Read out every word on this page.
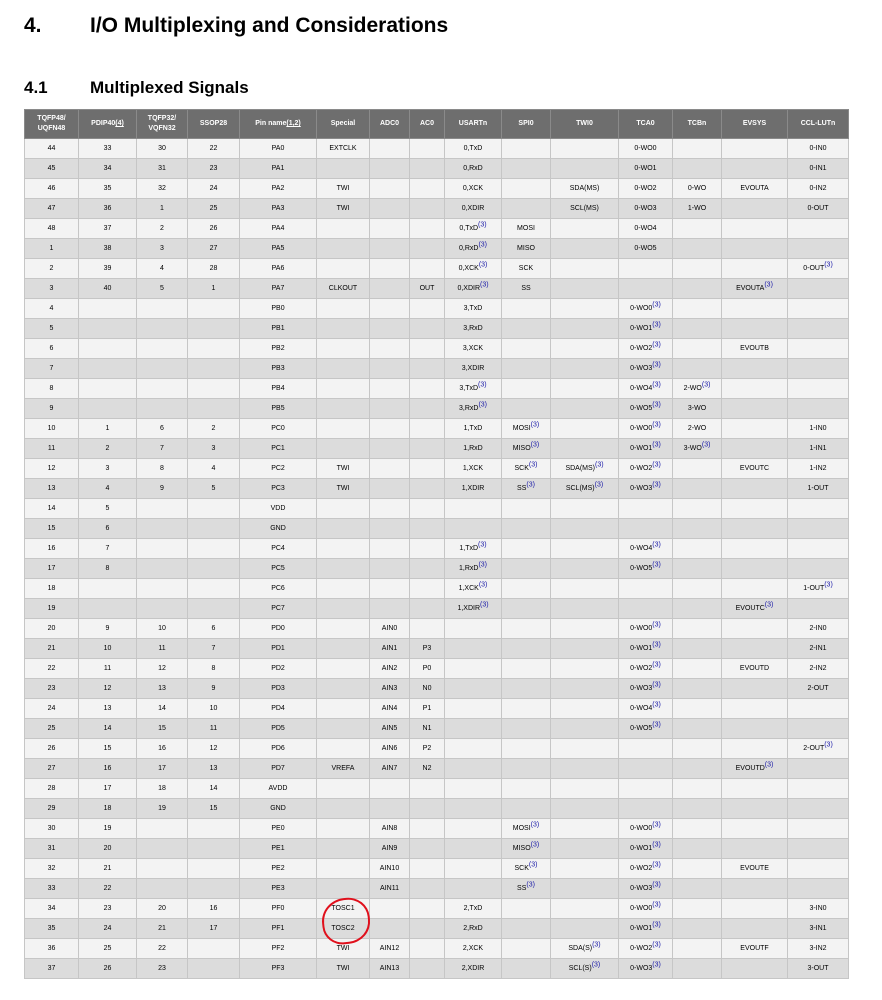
4.	I/O Multiplexing and Considerations
4.1	Multiplexed Signals
TQFP48/
UQFN48	PDIP40(4)	TQFP32/
VQFN32	SSOP28	Pin name(1,2)	Special	ADC0	AC0	USARTn	SPI0	TWI0	TCA0	TCBn	EVSYS	CCL-LUTn
44	33	30	22	PA0	EXTCLK			0,TxD			0-WO0			0-IN0
45	34	31	23	PA1				0,RxD			0-WO1			0-IN1
46	35	32	24	PA2	TWI			0,XCK		SDA(MS)	0-WO2	0-WO	EVOUTA	0-IN2
47	36	1	25	PA3	TWI			0,XDIR		SCL(MS)	0-WO3	1-WO		0-OUT
48	37	2	26	PA4				0,TxD(3)	MOSI		0-WO4			
1	38	3	27	PA5				0,RxD(3)	MISO		0-WO5			
2	39	4	28	PA6				0,XCK(3)	SCK					0-OUT(3)
3	40	5	1	PA7	CLKOUT		OUT	0,XDIR(3)	SS				EVOUTA(3)	
4				PB0				3,TxD			0-WO0(3)			
5				PB1				3,RxD			0-WO1(3)			
6				PB2				3,XCK			0-WO2(3)		EVOUTB	
7				PB3				3,XDIR			0-WO3(3)			
8				PB4				3,TxD(3)			0-WO4(3)	2-WO(3)		
9				PB5				3,RxD(3)			0-WO5(3)	3-WO		
10	1	6	2	PC0				1,TxD	MOSI(3)		0-WO0(3)	2-WO		1-IN0
11	2	7	3	PC1				1,RxD	MISO(3)		0-WO1(3)	3-WO(3)		1-IN1
12	3	8	4	PC2	TWI			1,XCK	SCK(3)	SDA(MS)(3)	0-WO2(3)		EVOUTC	1-IN2
13	4	9	5	PC3	TWI			1,XDIR	SS(3)	SCL(MS)(3)	0-WO3(3)			1-OUT
14	5			VDD										
15	6			GND										
16	7			PC4				1,TxD(3)			0-WO4(3)			
17	8			PC5				1,RxD(3)			0-WO5(3)			
18				PC6				1,XCK(3)						1-OUT(3)
19				PC7				1,XDIR(3)					EVOUTC(3)	
20	9	10	6	PD0		AIN0					0-WO0(3)			2-IN0
21	10	11	7	PD1		AIN1	P3				0-WO1(3)			2-IN1
22	11	12	8	PD2		AIN2	P0				0-WO2(3)		EVOUTD	2-IN2
23	12	13	9	PD3		AIN3	N0				0-WO3(3)			2-OUT
24	13	14	10	PD4		AIN4	P1				0-WO4(3)			
25	14	15	11	PD5		AIN5	N1				0-WO5(3)			
26	15	16	12	PD6		AIN6	P2							2-OUT(3)
27	16	17	13	PD7	VREFA	AIN7	N2						EVOUTD(3)	
28	17	18	14	AVDD										
29	18	19	15	GND										
30	19			PE0		AIN8			MOSI(3)		0-WO0(3)			
31	20			PE1		AIN9			MISO(3)		0-WO1(3)			
32	21			PE2		AIN10			SCK(3)		0-WO2(3)		EVOUTE	
33	22			PE3		AIN11			SS(3)		0-WO3(3)			
34	23	20	16	PF0	TOSC1			2,TxD			0-WO0(3)			3-IN0
35	24	21	17	PF1	TOSC2			2,RxD			0-WO1(3)			3-IN1
36	25	22		PF2	TWI	AIN12		2,XCK		SDA(S)(3)	0-WO2(3)		EVOUTF	3-IN2
37	26	23		PF3	TWI	AIN13		2,XDIR		SCL(S)(3)	0-WO3(3)			3-OUT
